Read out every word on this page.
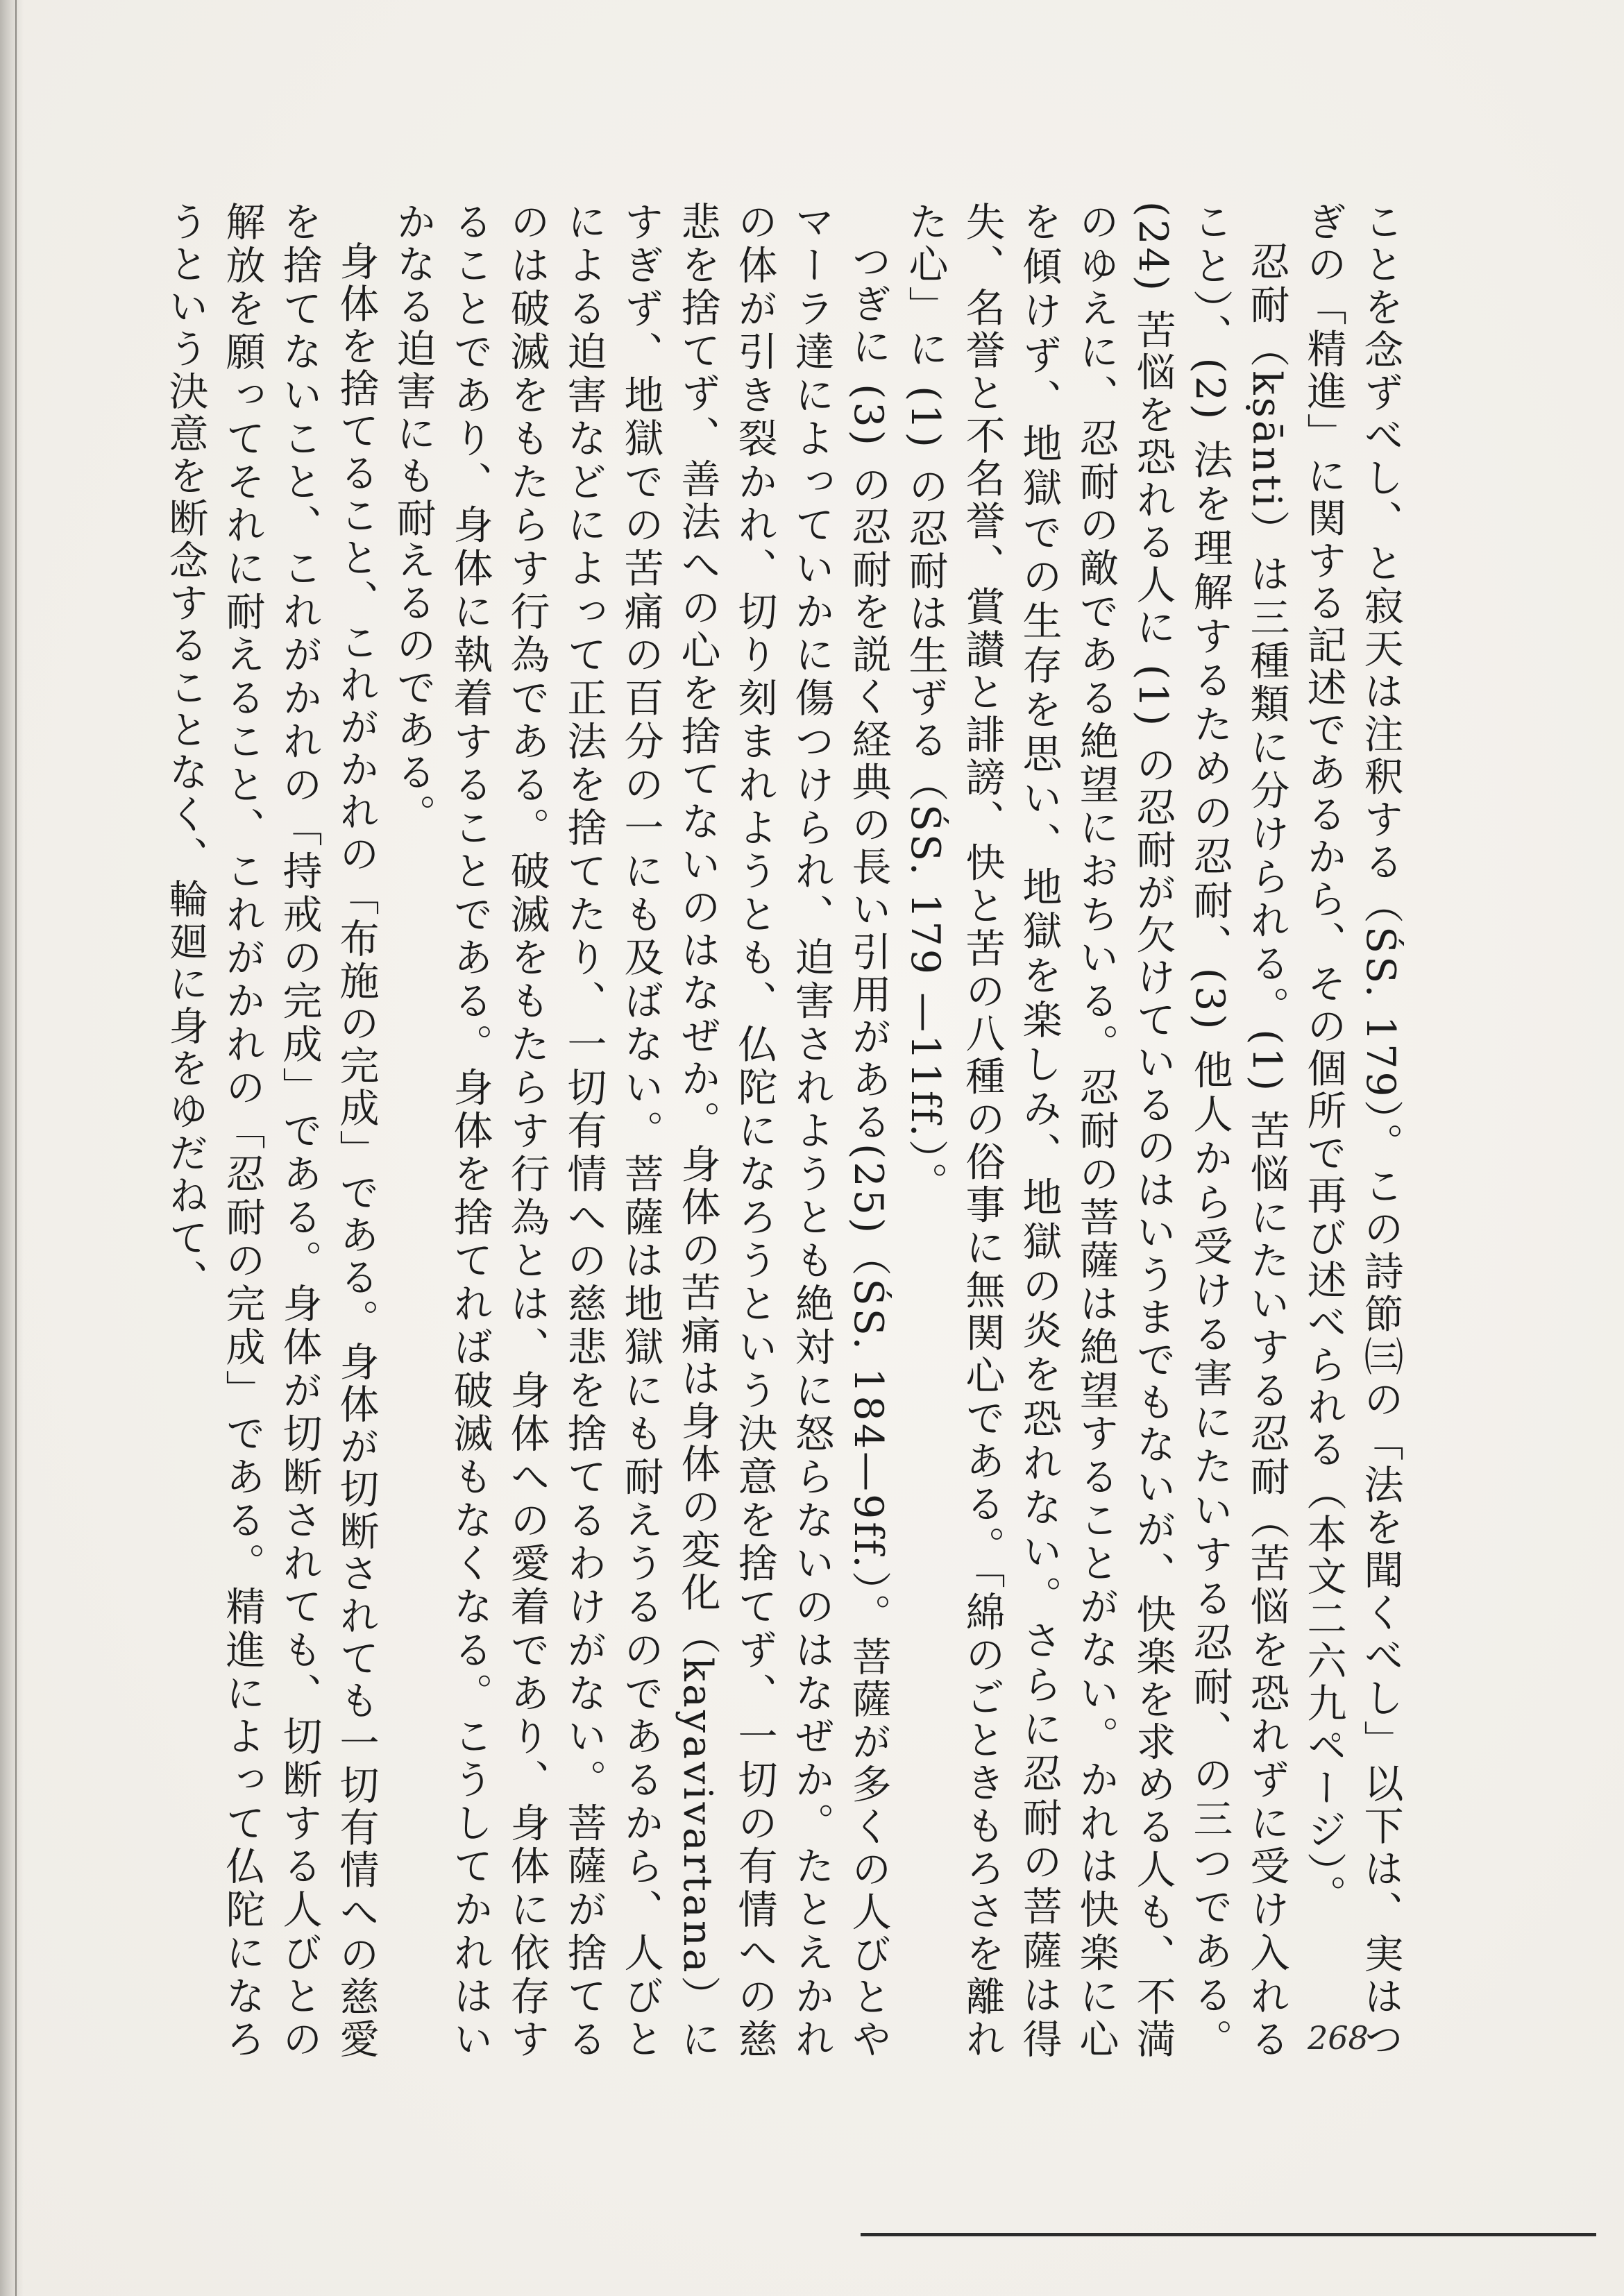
ことを念ずべし、と寂天は注釈する（ŚS. 179）。この詩節㈢の「法を聞くべし」以下は、実はつぎの「精進」に関する記述であるから、その個所で再び述べられる（本文二六九ページ）。

忍耐（kṣānti）は三種類に分けられる。(1) 苦悩にたいする忍耐（苦悩を恐れずに受け入れること）、(2) 法を理解するための忍耐、(3) 他人から受ける害にたいする忍耐、の三つである。(24) 苦悩を恐れる人に (1) の忍耐が欠けているのはいうまでもないが、快楽を求める人も、不満のゆえに、忍耐の敵である絶望におちいる。忍耐の菩薩は絶望することがない。かれは快楽に心を傾けず、地獄での生存を思い、地獄を楽しみ、地獄の炎を恐れない。さらに忍耐の菩薩は得失、名誉と不名誉、賞讃と誹謗、快と苦の八種の俗事に無関心である。「綿のごときもろさを離れた心」に (1) の忍耐は生ずる（ŚS. 179 —11ff.）。

つぎに (3) の忍耐を説く経典の長い引用がある(25)（ŚS. 184—9ff.）。菩薩が多くの人びとやマーラ達によっていかに傷つけられ、迫害されようとも絶対に怒らないのはなぜか。たとえかれの体が引き裂かれ、切り刻まれようとも、仏陀になろうという決意を捨てず、一切の有情への慈悲を捨てず、善法への心を捨てないのはなぜか。身体の苦痛は身体の変化（kayavivartana）にすぎず、地獄での苦痛の百分の一にも及ばない。菩薩は地獄にも耐えうるのであるから、人びとによる迫害などによって正法を捨てたり、一切有情への慈悲を捨てるわけがない。菩薩が捨てるのは破滅をもたらす行為である。破滅をもたらす行為とは、身体への愛着であり、身体に依存することであり、身体に執着することである。身体を捨てれば破滅もなくなる。こうしてかれはいかなる迫害にも耐えるのである。

身体を捨てること、これがかれの「布施の完成」である。身体が切断されても一切有情への慈愛を捨てないこと、これがかれの「持戒の完成」である。身体が切断されても、切断する人びとの解放を願ってそれに耐えること、これがかれの「忍耐の完成」である。精進によって仏陀になろうという決意を断念することなく、輪廻に身をゆだねて、

268
